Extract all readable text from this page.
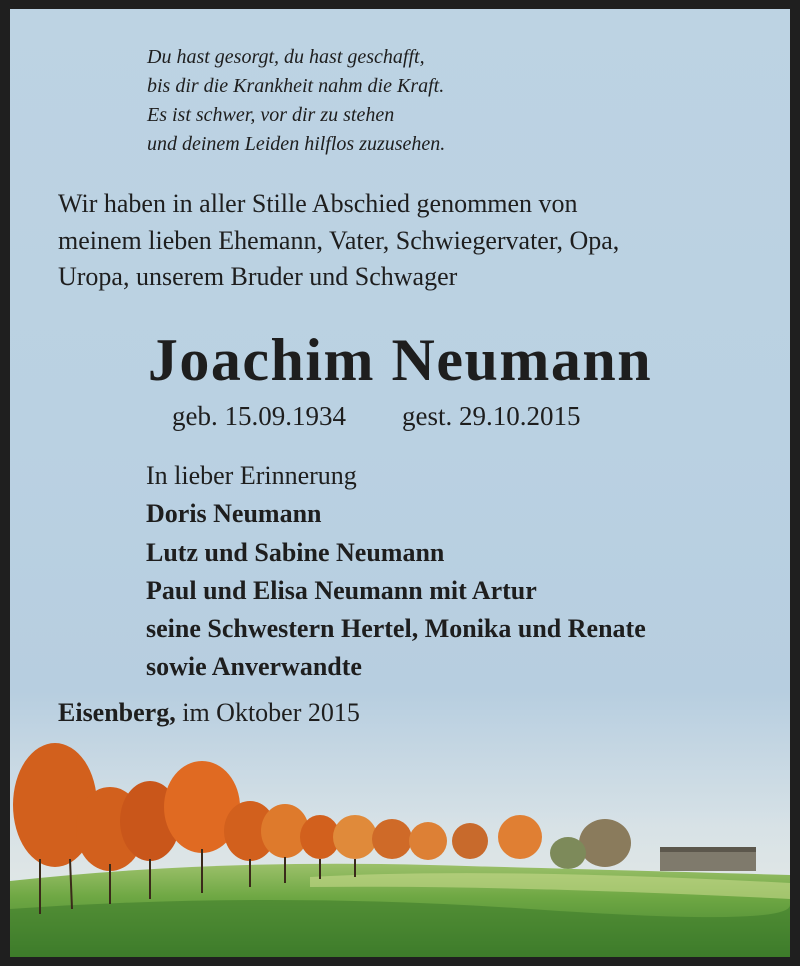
Du hast gesorgt, du hast geschafft,
bis dir die Krankheit nahm die Kraft.
Es ist schwer, vor dir zu stehen
und deinem Leiden hilflos zuzusehen.
Wir haben in aller Stille Abschied genommen von
meinem lieben Ehemann, Vater, Schwiegervater, Opa,
Uropa, unserem Bruder und Schwager
Joachim Neumann
geb. 15.09.1934 gest. 29.10.2015
In lieber Erinnerung
Doris Neumann
Lutz und Sabine Neumann
Paul und Elisa Neumann mit Artur
seine Schwestern Hertel, Monika und Renate
sowie Anverwandte
Eisenberg, im Oktober 2015
